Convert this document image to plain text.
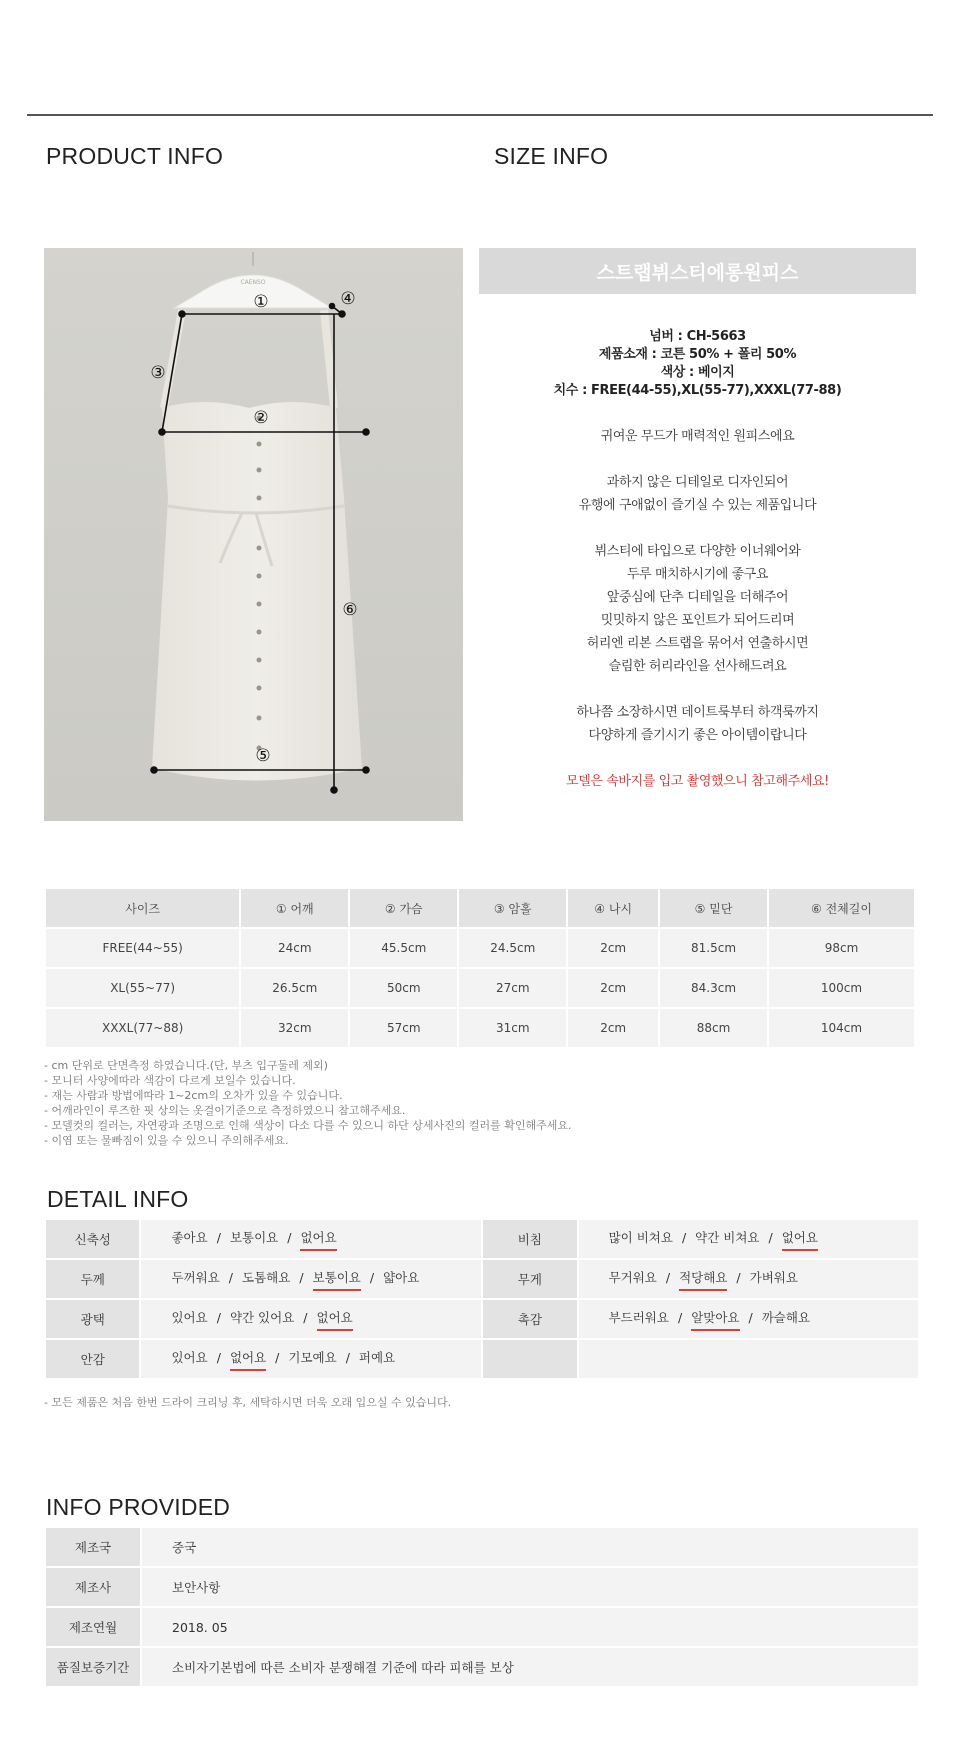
PRODUCT INFO	SIZE INFO
CAENSO
①
②
③
④
⑤
⑥
스트랩뷔스티에롱원피스
넘버 : CH-5663
제품소재 : 코튼 50% + 폴리 50%
색상 : 베이지
치수 : FREE(44-55),XL(55-77),XXXL(77-88)
귀여운 무드가 매력적인 원피스에요
과하지 않은 디테일로 디자인되어
유행에 구애없이 즐기실 수 있는 제품입니다
뷔스티에 타입으로 다양한 이너웨어와
두루 매치하시기에 좋구요
앞중심에 단추 디테일을 더해주어
밋밋하지 않은 포인트가 되어드리며
허리엔 리본 스트랩을 묶어서 연출하시면
슬림한 허리라인을 선사해드려요
하나쯤 소장하시면 데이트룩부터 하객룩까지
다양하게 즐기시기 좋은 아이템이랍니다
모델은 속바지를 입고 촬영했으니 참고해주세요!
사이즈	① 어깨	② 가슴	③ 암홀	④ 나시	⑤ 밑단	⑥ 전체길이		
FREE(44~55)	24cm	45.5cm	24.5cm	2cm	81.5cm	98cm		
XL(55~77)	26.5cm	50cm	27cm	2cm	84.3cm	100cm		
XXXL(77~88)	32cm	57cm	31cm	2cm	88cm	104cm		
- cm 단위로 단면측정 하였습니다.(단, 부츠 입구둘레 제외)
- 모니터 사양에따라 색감이 다르게 보일수 있습니다.
- 재는 사람과 방법에따라 1~2cm의 오차가 있을 수 있습니다.
- 어깨라인이 루즈한 핏 상의는 옷걸이기준으로 측정하였으니 참고해주세요.
- 모델컷의 컬러는, 자연광과 조명으로 인해 색상이 다소 다를 수 있으니 하단 상세사진의 컬러를 확인해주세요.
- 이염 또는 물빠짐이 있을 수 있으니 주의해주세요.
DETAIL INFO
신축성	좋아요 / 보통이요 / 없어요	비침	많이 비쳐요 / 약간 비쳐요 / 없어요
두께	두꺼워요 / 도톰해요 / 보통이요 / 얇아요	무게	무거워요 / 적당해요 / 가벼워요
광택	있어요 / 약간 있어요 / 없어요	촉감	부드러워요 / 알맞아요 / 까슬해요
안감	있어요 / 없어요 / 기모예요 / 퍼예요		
- 모든 제품은 처음 한번 드라이 크리닝 후, 세탁하시면 더욱 오래 입으실 수 있습니다.
INFO PROVIDED
제조국	중국
제조사	보안사항
제조연월	2018. 05
품질보증기간	소비자기본법에 따른 소비자 분쟁해결 기준에 따라 피해를 보상
